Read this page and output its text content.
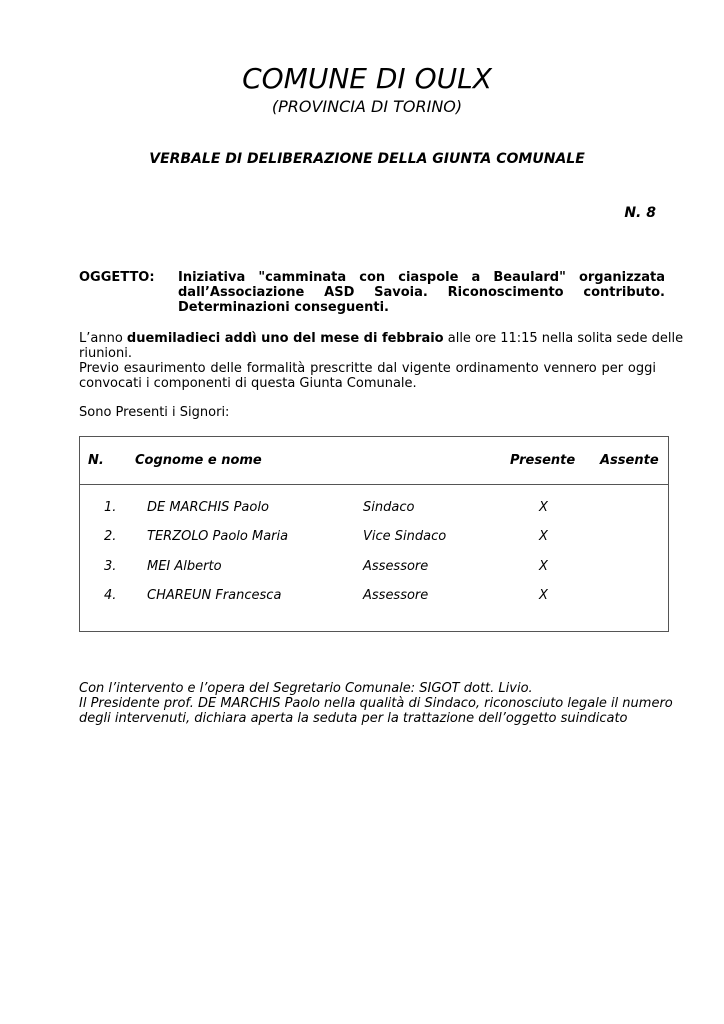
COMUNE DI OULX
(PROVINCIA DI TORINO)
VERBALE DI DELIBERAZIONE DELLA GIUNTA COMUNALE
N. 8
OGGETTO: Iniziativa "camminata con ciaspole a Beaulard" organizzata
dall’Associazione ASD Savoia. Riconoscimento contributo.
Determinazioni conseguenti.
L’anno duemiladieci addì uno del mese di febbraio alle ore 11:15 nella solita sede delle
riunioni.
Previo esaurimento delle formalità prescritte dal vigente ordinamento vennero per oggi
convocati i componenti di questa Giunta Comunale.
Sono Presenti i Signori:
N. Cognome e nome	Presente Assente
1. DE MARCHIS Paolo	Sindaco	X
2. TERZOLO Paolo Maria	Vice Sindaco	X
3. MEI Alberto	Assessore	X
4. CHAREUN Francesca	Assessore	X
Con l’intervento e l’opera del Segretario Comunale: SIGOT dott. Livio.
Il Presidente prof. DE MARCHIS Paolo nella qualità di Sindaco, riconosciuto legale il numero
degli intervenuti, dichiara aperta la seduta per la trattazione dell’oggetto suindicato
